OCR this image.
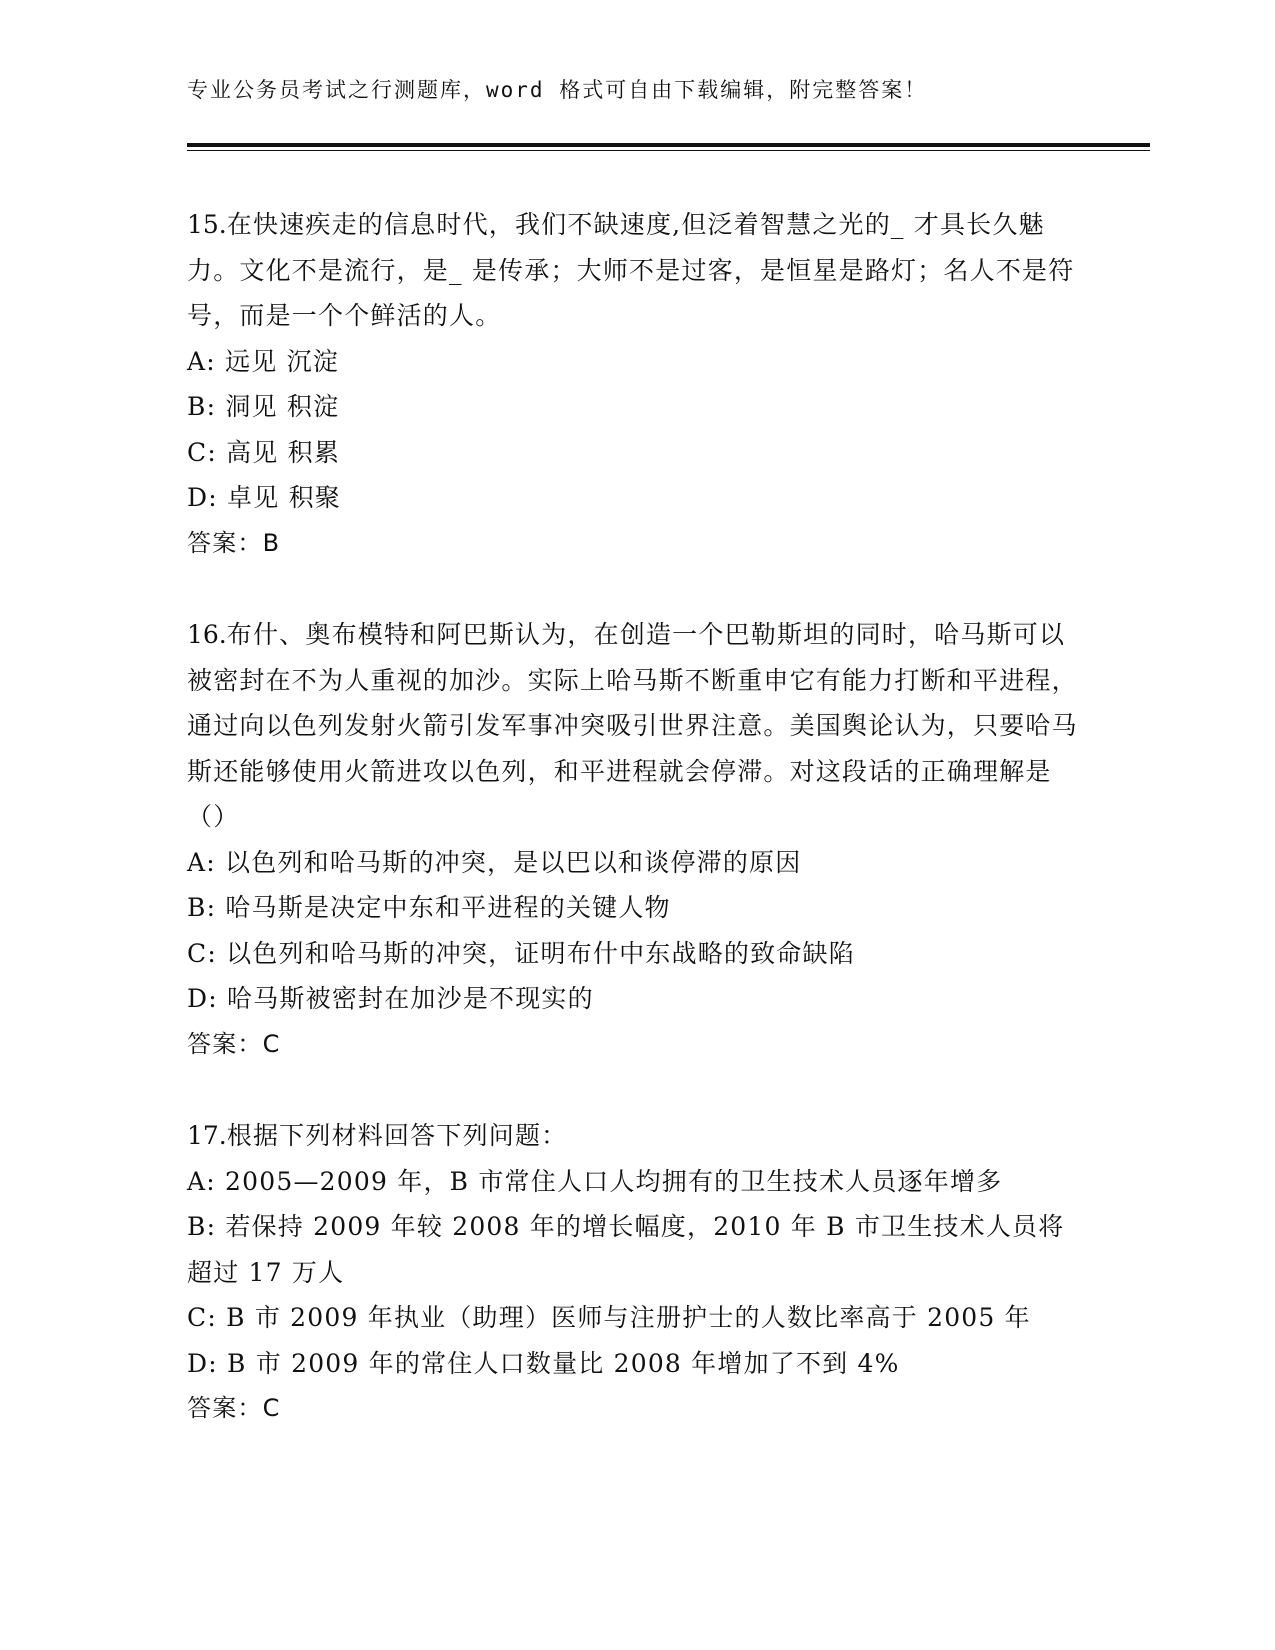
专业公务员考试之行测题库，word 格式可自由下载编辑，附完整答案！
15.在快速疾走的信息时代，我们不缺速度,但泛着智慧之光的_ 才具长久魅力。文化不是流行，是_ 是传承；大师不是过客，是恒星是路灯；名人不是符号，而是一个个鲜活的人。
A: 远见 沉淀
B: 洞见 积淀
C: 高见 积累
D: 卓见 积聚
答案：B
16.布什、奥布模特和阿巴斯认为，在创造一个巴勒斯坦的同时，哈马斯可以被密封在不为人重视的加沙。实际上哈马斯不断重申它有能力打断和平进程，通过向以色列发射火箭引发军事冲突吸引世界注意。美国舆论认为，只要哈马斯还能够使用火箭进攻以色列，和平进程就会停滞。对这段话的正确理解是（）
A: 以色列和哈马斯的冲突，是以巴以和谈停滞的原因
B: 哈马斯是决定中东和平进程的关键人物
C: 以色列和哈马斯的冲突，证明布什中东战略的致命缺陷
D: 哈马斯被密封在加沙是不现实的
答案：C
17.根据下列材料回答下列问题：
A: 2005—2009 年，B 市常住人口人均拥有的卫生技术人员逐年增多
B: 若保持 2009 年较 2008 年的增长幅度，2010 年 B 市卫生技术人员将超过 17 万人
C: B 市 2009 年执业（助理）医师与注册护士的人数比率高于 2005 年
D: B 市 2009 年的常住人口数量比 2008 年增加了不到 4%
答案：C
